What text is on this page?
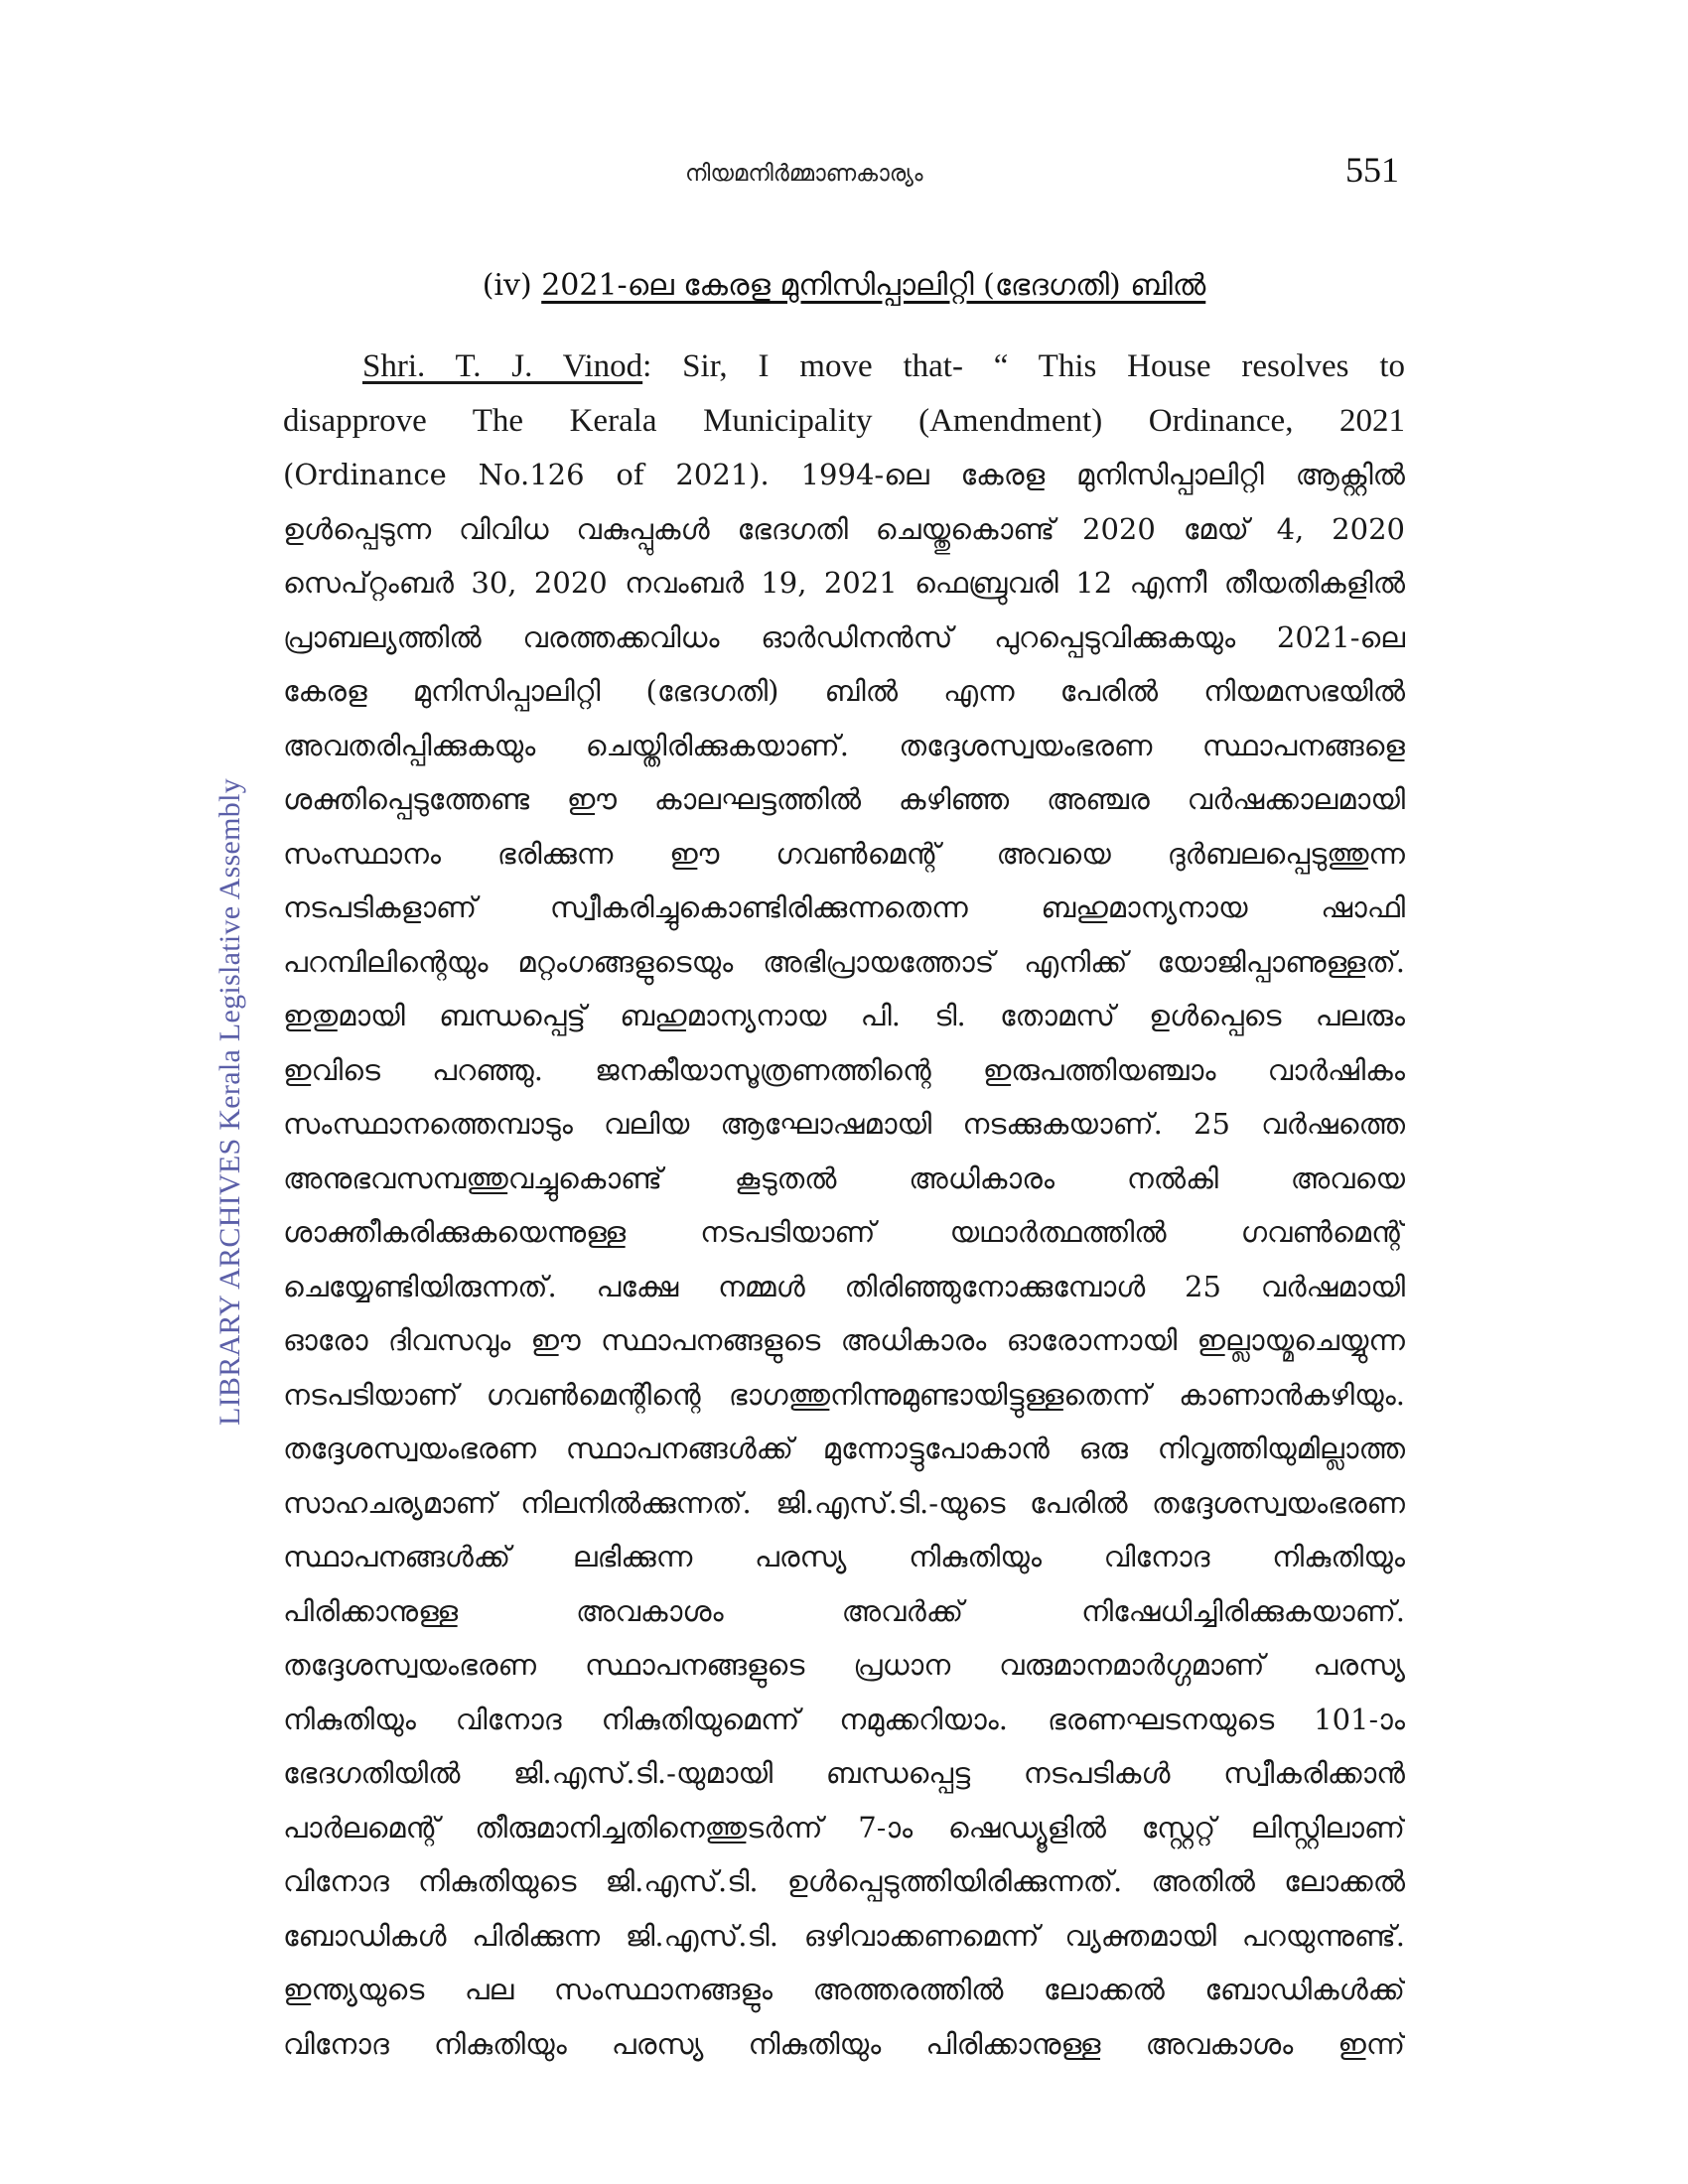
നിയമനിർമ്മാണകാര്യം	551
LIBRARY ARCHIVES Kerala Legislative Assembly
(iv) 2021-ലെ കേരള മുനിസിപ്പാലിറ്റി (ഭേദഗതി) ബിൽ
Shri. T. J. Vinod: Sir, I move that- “ This House resolves to
disapprove The Kerala Municipality (Amendment) Ordinance, 2021
(Ordinance No.126 of 2021). 1994-ലെ കേരള മുനിസിപ്പാലിറ്റി ആക്റ്റിൽ
ഉൾപ്പെടുന്ന വിവിധ വകുപ്പുകൾ ഭേദഗതി ചെയ്തുകൊണ്ട് 2020 മേയ് 4, 2020
സെപ്റ്റംബർ 30, 2020 നവംബർ 19, 2021 ഫെബ്രുവരി 12 എന്നീ തീയതികളിൽ
പ്രാബല്യത്തിൽ വരത്തക്കവിധം ഓർഡിനൻസ് പുറപ്പെടുവിക്കുകയും 2021-ലെ
കേരള മുനിസിപ്പാലിറ്റി (ഭേദഗതി) ബിൽ എന്ന പേരിൽ നിയമസഭയിൽ
അവതരിപ്പിക്കുകയും ചെയ്തിരിക്കുകയാണ്. തദ്ദേശസ്വയംഭരണ സ്ഥാപനങ്ങളെ
ശക്തിപ്പെടുത്തേണ്ട ഈ കാലഘട്ടത്തിൽ കഴിഞ്ഞ അഞ്ചര വർഷക്കാലമായി
സംസ്ഥാനം ഭരിക്കുന്ന ഈ ഗവൺമെന്റ് അവയെ ദുർബലപ്പെടുത്തുന്ന
നടപടികളാണ് സ്വീകരിച്ചുകൊണ്ടിരിക്കുന്നതെന്ന ബഹുമാന്യനായ ഷാഫി
പറമ്പിലിന്റെയും മറ്റംഗങ്ങളുടെയും അഭിപ്രായത്തോട് എനിക്ക് യോജിപ്പാണുള്ളത്.
ഇതുമായി ബന്ധപ്പെട്ട് ബഹുമാന്യനായ പി. ടി. തോമസ് ഉൾപ്പെടെ പലരും
ഇവിടെ പറഞ്ഞു. ജനകീയാസൂത്രണത്തിന്റെ ഇരുപത്തിയഞ്ചാം വാർഷികം
സംസ്ഥാനത്തെമ്പാടും വലിയ ആഘോഷമായി നടക്കുകയാണ്. 25 വർഷത്തെ
അനുഭവസമ്പത്തുവച്ചുകൊണ്ട് കൂടുതൽ അധികാരം നൽകി അവയെ
ശാക്തീകരിക്കുകയെന്നുള്ള നടപടിയാണ് യഥാർത്ഥത്തിൽ ഗവൺമെന്റ്
ചെയ്യേണ്ടിയിരുന്നത്. പക്ഷേ നമ്മൾ തിരിഞ്ഞുനോക്കുമ്പോൾ 25 വർഷമായി
ഓരോ ദിവസവും ഈ സ്ഥാപനങ്ങളുടെ അധികാരം ഓരോന്നായി ഇല്ലായ്മചെയ്യുന്ന
നടപടിയാണ് ഗവൺമെന്റിന്റെ ഭാഗത്തുനിന്നുമുണ്ടായിട്ടുള്ളതെന്ന് കാണാൻകഴിയും.
തദ്ദേശസ്വയംഭരണ സ്ഥാപനങ്ങൾക്ക് മുന്നോട്ടുപോകാൻ ഒരു നിവൃത്തിയുമില്ലാത്ത
സാഹചര്യമാണ് നിലനിൽക്കുന്നത്. ജി.എസ്.ടി.-യുടെ പേരിൽ തദ്ദേശസ്വയംഭരണ
സ്ഥാപനങ്ങൾക്ക് ലഭിക്കുന്ന പരസ്യ നികുതിയും വിനോദ നികുതിയും
പിരിക്കാനുള്ള അവകാശം അവർക്ക് നിഷേധിച്ചിരിക്കുകയാണ്.
തദ്ദേശസ്വയംഭരണ സ്ഥാപനങ്ങളുടെ പ്രധാന വരുമാനമാർഗ്ഗമാണ് പരസ്യ
നികുതിയും വിനോദ നികുതിയുമെന്ന് നമുക്കറിയാം. ഭരണഘടനയുടെ 101-ാം
ഭേദഗതിയിൽ ജി.എസ്.ടി.-യുമായി ബന്ധപ്പെട്ട നടപടികൾ സ്വീകരിക്കാൻ
പാർലമെന്റ് തീരുമാനിച്ചതിനെത്തുടർന്ന് 7-ാം ഷെഡ്യൂളിൽ സ്റ്റേറ്റ് ലിസ്റ്റിലാണ്
വിനോദ നികുതിയുടെ ജി.എസ്.ടി. ഉൾപ്പെടുത്തിയിരിക്കുന്നത്. അതിൽ ലോക്കൽ
ബോഡികൾ പിരിക്കുന്ന ജി.എസ്.ടി. ഒഴിവാക്കണമെന്ന് വ്യക്തമായി പറയുന്നുണ്ട്.
ഇന്ത്യയുടെ പല സംസ്ഥാനങ്ങളും അത്തരത്തിൽ ലോക്കൽ ബോഡികൾക്ക്
വിനോദ നികുതിയും പരസ്യ നികുതിയും പിരിക്കാനുള്ള അവകാശം ഇന്ന്
